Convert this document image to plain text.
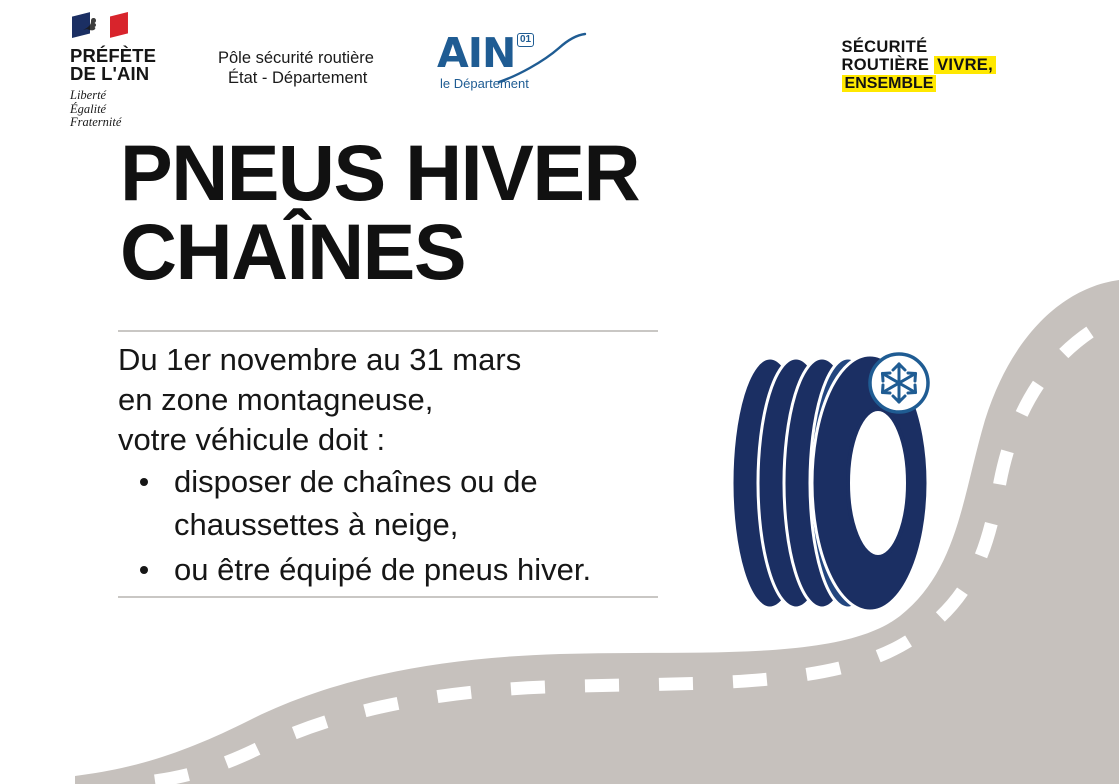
PRÉFÈTE
DE L'AIN
Liberté
Égalité
Fraternité
Pôle sécurité routière
État - Département
AIN 01
le Département
SÉCURITÉ
ROUTIÈRE VIVRE,
ENSEMBLE
PNEUS HIVER
CHAÎNES
Du 1er novembre au 31 mars
en zone montagneuse,
votre véhicule doit :
disposer de chaînes ou de
chaussettes à neige,
ou être équipé de pneus hiver.
